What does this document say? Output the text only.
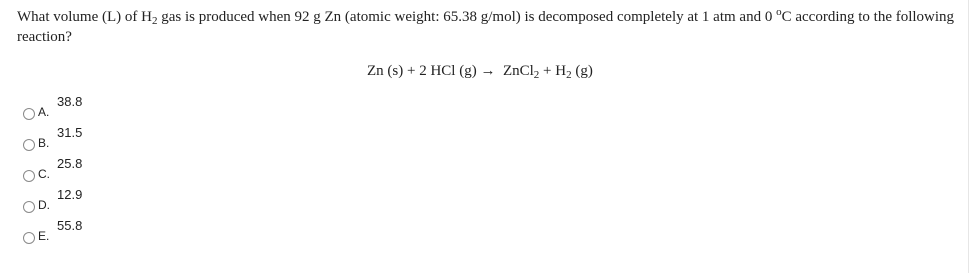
What volume (L) of $H_2$ gas is produced when 92 g Zn (atomic weight: 65.38 g/mol) is decomposed completely at 1 atm and 0 $^o$C according to the following reaction?
Zn (s) + 2 HCl (g) → ZnCl$_2$ + $H_2$ (g)
A.
38.8
B.
31.5
C.
25.8
D.
12.9
E.
55.8
